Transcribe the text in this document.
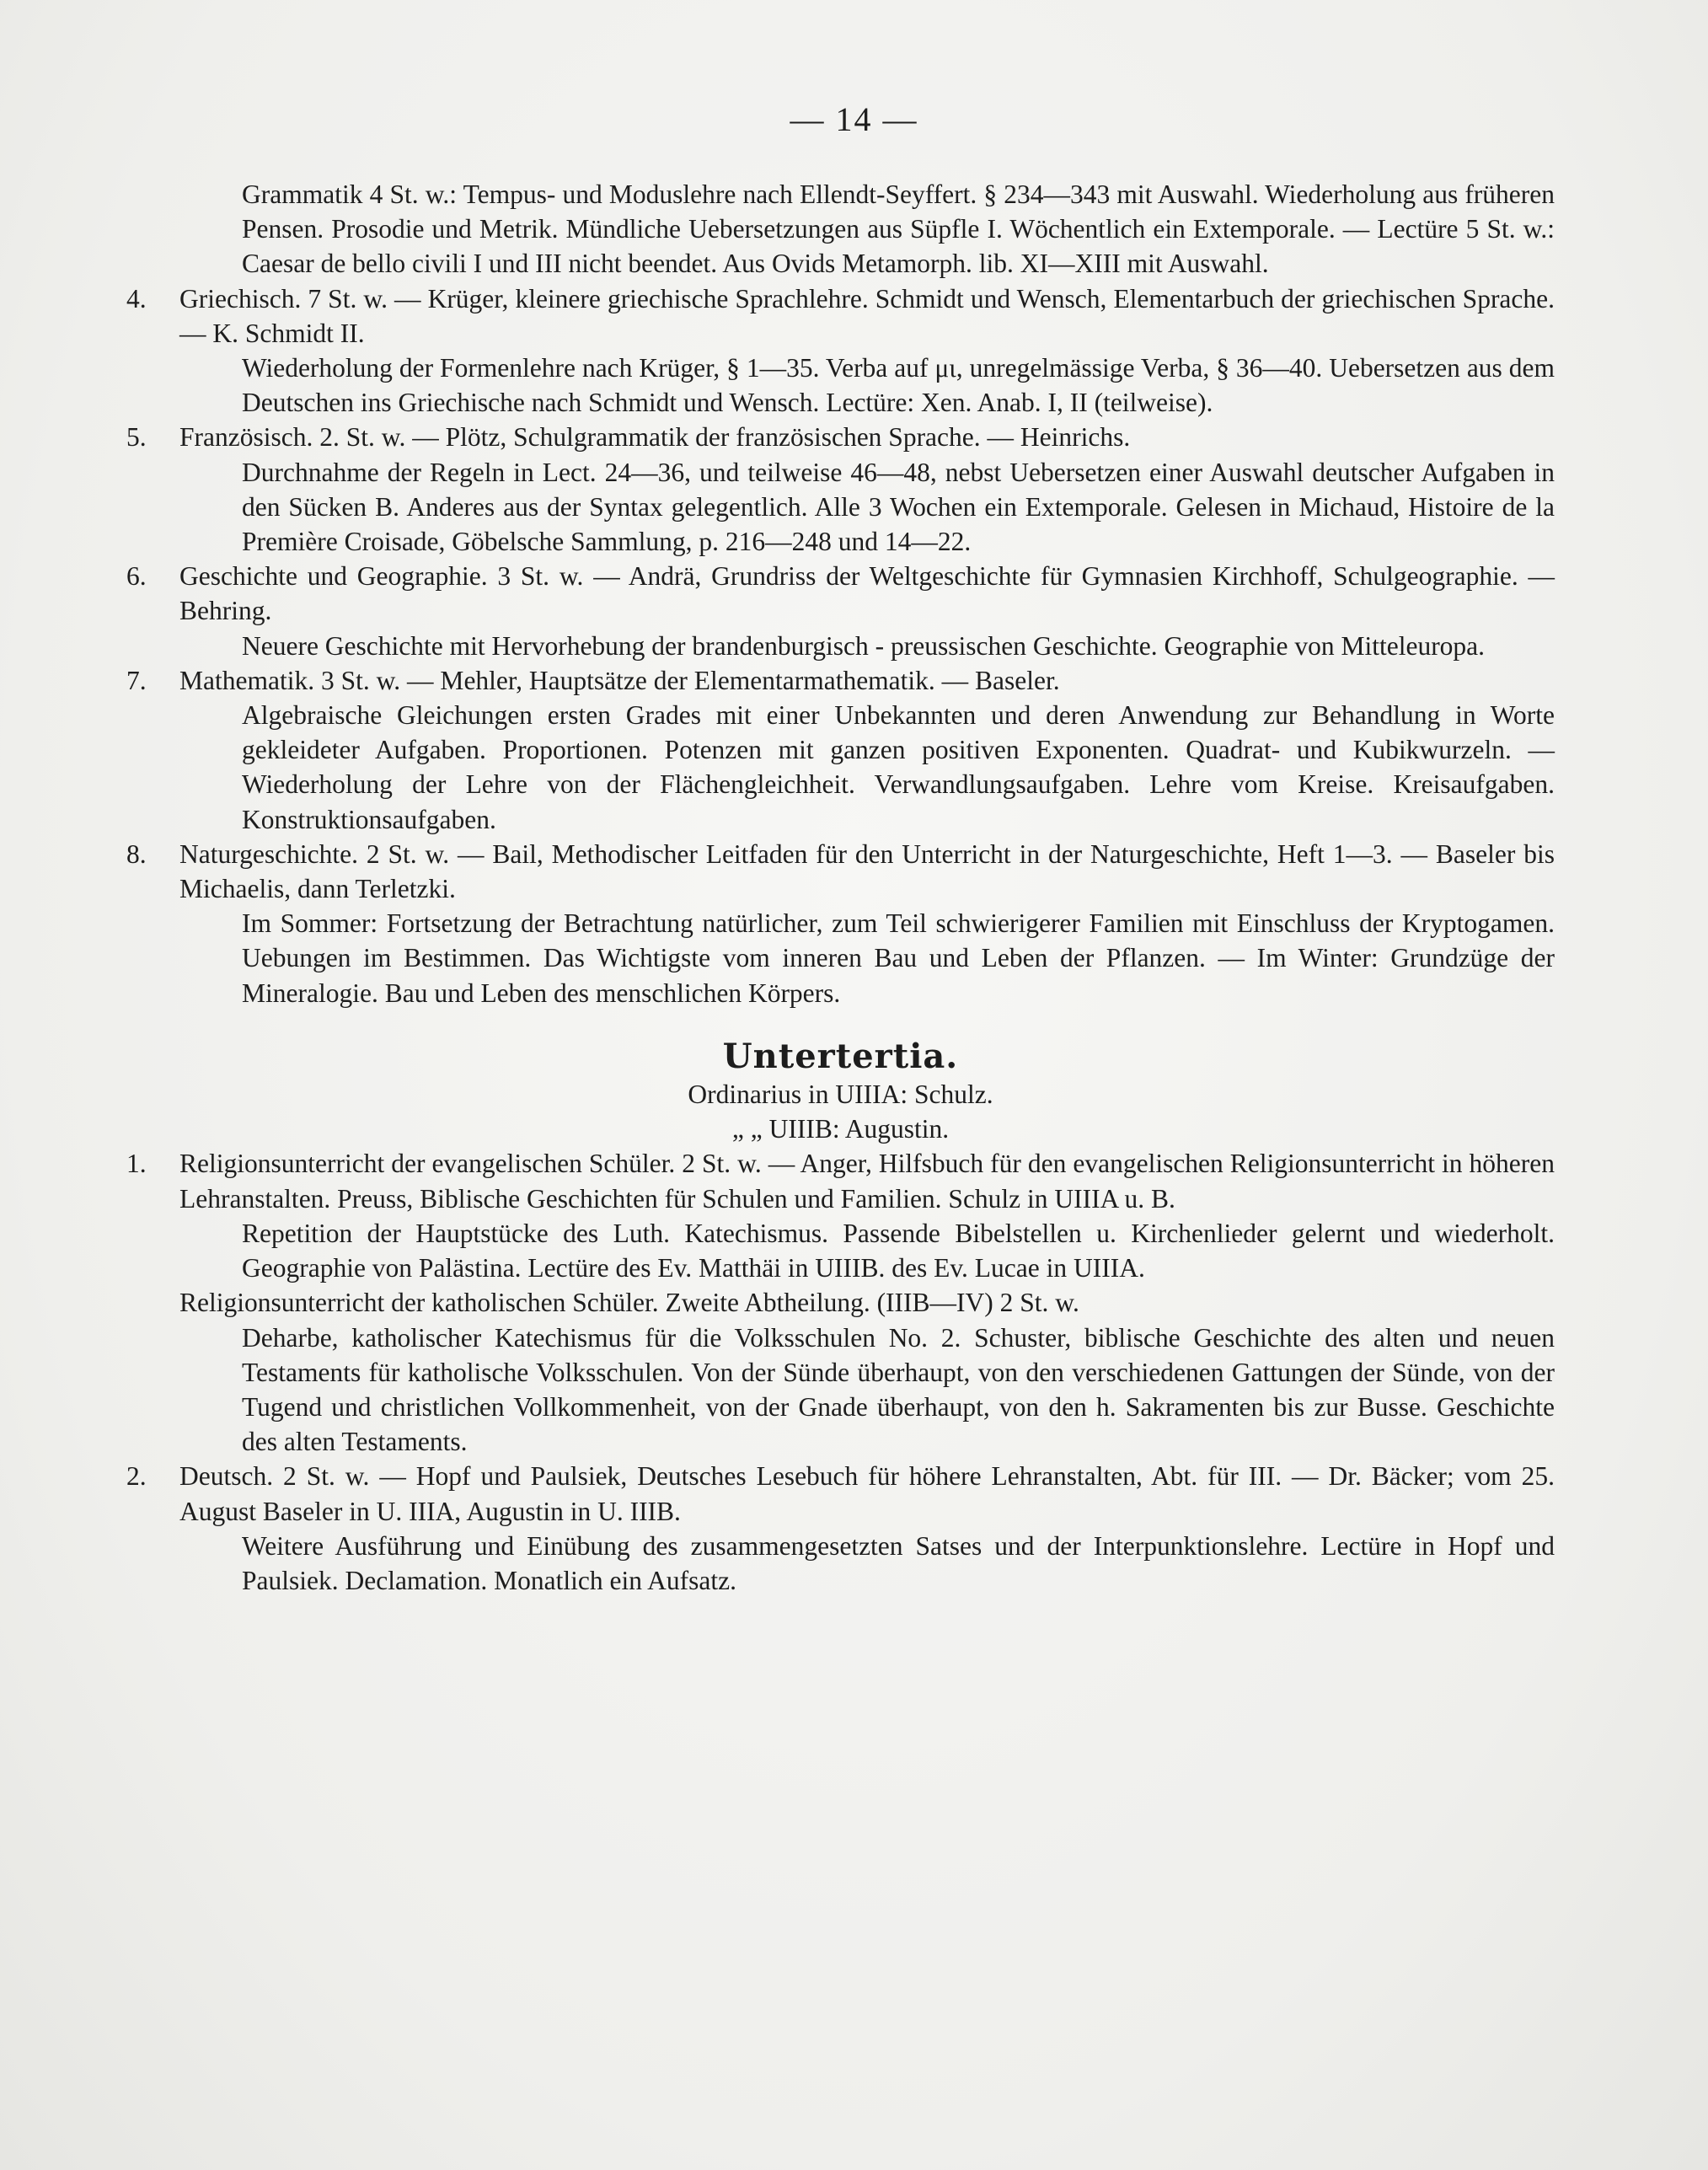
— 14 —

Grammatik 4 St. w.: Tempus- und Moduslehre nach Ellendt-Seyffert. § 234—343 mit Auswahl. Wiederholung aus früheren Pensen. Prosodie und Metrik. Mündliche Uebersetzungen aus Süpfle I. Wöchentlich ein Extemporale. — Lectüre 5 St. w.: Caesar de bello civili I und III nicht beendet. Aus Ovids Metamorph. lib. XI—XIII mit Auswahl.

4. Griechisch. 7 St. w. — Krüger, kleinere griechische Sprachlehre. Schmidt und Wensch, Elementarbuch der griechischen Sprache. — K. Schmidt II.

Wiederholung der Formenlehre nach Krüger, § 1—35. Verba auf μι, unregelmässige Verba, § 36—40. Uebersetzen aus dem Deutschen ins Griechische nach Schmidt und Wensch. Lectüre: Xen. Anab. I, II (teilweise).

5. Französisch. 2. St. w. — Plötz, Schulgrammatik der französischen Sprache. — Heinrichs.

Durchnahme der Regeln in Lect. 24—36, und teilweise 46—48, nebst Uebersetzen einer Auswahl deutscher Aufgaben in den Sücken B. Anderes aus der Syntax gelegentlich. Alle 3 Wochen ein Extemporale. Gelesen in Michaud, Histoire de la Première Croisade, Göbelsche Sammlung, p. 216—248 und 14—22.

6. Geschichte und Geographie. 3 St. w. — Andrä, Grundriss der Weltgeschichte für Gymnasien Kirchhoff, Schulgeographie. — Behring.

Neuere Geschichte mit Hervorhebung der brandenburgisch - preussischen Geschichte. Geographie von Mitteleuropa.

7. Mathematik. 3 St. w. — Mehler, Hauptsätze der Elementarmathematik. — Baseler.

Algebraische Gleichungen ersten Grades mit einer Unbekannten und deren Anwendung zur Behandlung in Worte gekleideter Aufgaben. Proportionen. Potenzen mit ganzen positiven Exponenten. Quadrat- und Kubikwurzeln. — Wiederholung der Lehre von der Flächengleichheit. Verwandlungsaufgaben. Lehre vom Kreise. Kreisaufgaben. Konstruktionsaufgaben.

8. Naturgeschichte. 2 St. w. — Bail, Methodischer Leitfaden für den Unterricht in der Naturgeschichte, Heft 1—3. — Baseler bis Michaelis, dann Terletzki.

Im Sommer: Fortsetzung der Betrachtung natürlicher, zum Teil schwierigerer Familien mit Einschluss der Kryptogamen. Uebungen im Bestimmen. Das Wichtigste vom inneren Bau und Leben der Pflanzen. — Im Winter: Grundzüge der Mineralogie. Bau und Leben des menschlichen Körpers.

Untertertia.

Ordinarius in UIIIA: Schulz.

„ „ UIIIB: Augustin.

1. Religionsunterricht der evangelischen Schüler. 2 St. w. — Anger, Hilfsbuch für den evangelischen Religionsunterricht in höheren Lehranstalten. Preuss, Biblische Geschichten für Schulen und Familien. Schulz in UIIIA u. B.

Repetition der Hauptstücke des Luth. Katechismus. Passende Bibelstellen u. Kirchenlieder gelernt und wiederholt. Geographie von Palästina. Lectüre des Ev. Matthäi in UIIIB. des Ev. Lucae in UIIIA.

Religionsunterricht der katholischen Schüler. Zweite Abtheilung. (IIIB—IV) 2 St. w.

Deharbe, katholischer Katechismus für die Volksschulen No. 2. Schuster, biblische Geschichte des alten und neuen Testaments für katholische Volksschulen. Von der Sünde überhaupt, von den verschiedenen Gattungen der Sünde, von der Tugend und christlichen Vollkommenheit, von der Gnade überhaupt, von den h. Sakramenten bis zur Busse. Geschichte des alten Testaments.

2. Deutsch. 2 St. w. — Hopf und Paulsiek, Deutsches Lesebuch für höhere Lehranstalten, Abt. für III. — Dr. Bäcker; vom 25. August Baseler in U. IIIA, Augustin in U. IIIB.

Weitere Ausführung und Einübung des zusammengesetzten Satses und der Interpunktionslehre. Lectüre in Hopf und Paulsiek. Declamation. Monatlich ein Aufsatz.
